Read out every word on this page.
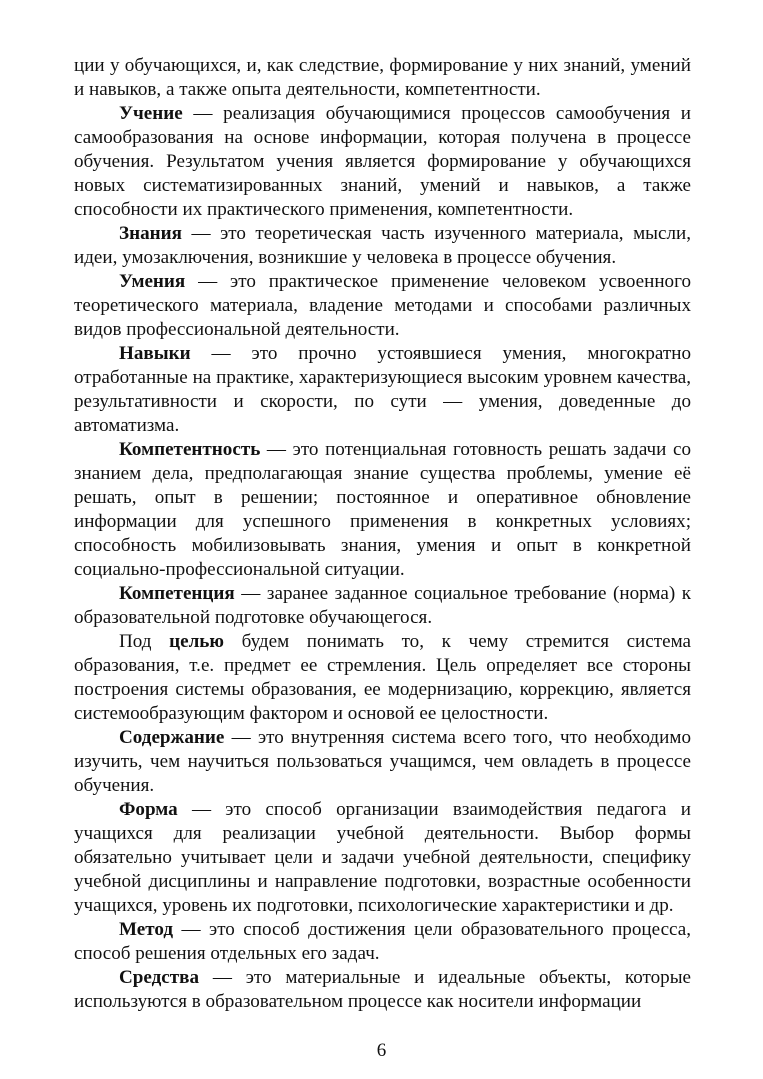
ции у обучающихся, и, как следствие, формирование у них знаний, умений и навыков, а также опыта деятельности, компетентности.

Учение — реализация обучающимися процессов самообучения и самообразования на основе информации, которая получена в процессе обучения. Результатом учения является формирование у обучающихся новых систематизированных знаний, умений и навыков, а также способности их практического применения, компетентности.

Знания — это теоретическая часть изученного материала, мысли, идеи, умозаключения, возникшие у человека в процессе обучения.

Умения — это практическое применение человеком усвоенного теоретического материала, владение методами и способами различных видов профессиональной деятельности.

Навыки — это прочно устоявшиеся умения, многократно отработанные на практике, характеризующиеся высоким уровнем качества, результативности и скорости, по сути — умения, доведенные до автоматизма.

Компетентность — это потенциальная готовность решать задачи со знанием дела, предполагающая знание существа проблемы, умение её решать, опыт в решении; постоянное и оперативное обновление информации для успешного применения в конкретных условиях; способность мобилизовывать знания, умения и опыт в конкретной социально-профессиональной ситуации.

Компетенция — заранее заданное социальное требование (норма) к образовательной подготовке обучающегося.

Под целью будем понимать то, к чему стремится система образования, т.е. предмет ее стремления. Цель определяет все стороны построения системы образования, ее модернизацию, коррекцию, является системообразующим фактором и основой ее целостности.

Содержание — это внутренняя система всего того, что необходимо изучить, чем научиться пользоваться учащимся, чем овладеть в процессе обучения.

Форма — это способ организации взаимодействия педагога и учащихся для реализации учебной деятельности. Выбор формы обязательно учитывает цели и задачи учебной деятельности, специфику учебной дисциплины и направление подготовки, возрастные особенности учащихся, уровень их подготовки, психологические характеристики и др.

Метод — это способ достижения цели образовательного процесса, способ решения отдельных его задач.

Средства — это материальные и идеальные объекты, которые используются в образовательном процессе как носители информации

6
